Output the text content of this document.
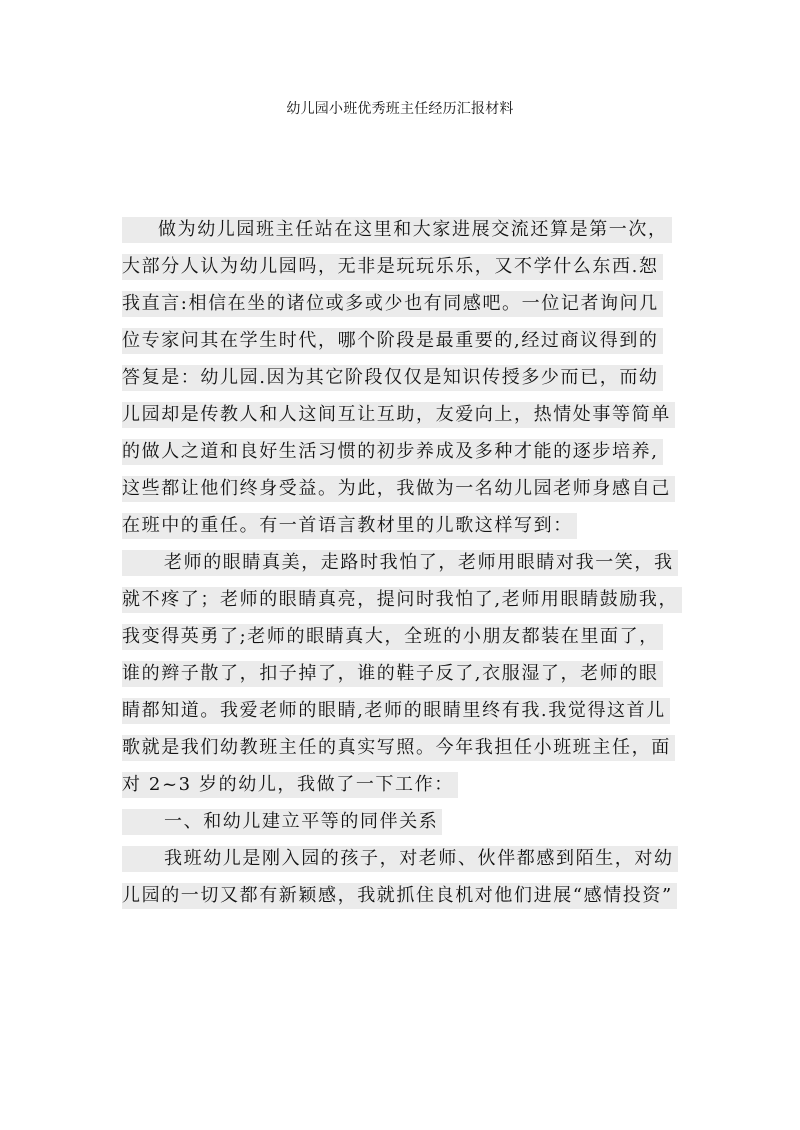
幼儿园小班优秀班主任经历汇报材料
做为幼儿园班主任站在这里和大家进展交流还算是第一次，
大部分人认为幼儿园吗，无非是玩玩乐乐，又不学什么东西.恕
我直言:相信在坐的诸位或多或少也有同感吧。一位记者询问几
位专家问其在学生时代，哪个阶段是最重要的,经过商议得到的
答复是：幼儿园.因为其它阶段仅仅是知识传授多少而已，而幼
儿园却是传教人和人这间互让互助，友爱向上，热情处事等简单
的做人之道和良好生活习惯的初步养成及多种才能的逐步培养,
这些都让他们终身受益。为此，我做为一名幼儿园老师身感自己
在班中的重任。有一首语言教材里的儿歌这样写到：
老师的眼睛真美，走路时我怕了，老师用眼睛对我一笑，我
就不疼了；老师的眼睛真亮，提问时我怕了,老师用眼睛鼓励我，
我变得英勇了;老师的眼睛真大，全班的小朋友都装在里面了，
谁的辫子散了，扣子掉了，谁的鞋子反了,衣服湿了，老师的眼
睛都知道。我爱老师的眼睛,老师的眼睛里终有我.我觉得这首儿
歌就是我们幼教班主任的真实写照。今年我担任小班班主任，面
对 2~3 岁的幼儿，我做了一下工作：
一、和幼儿建立平等的同伴关系
我班幼儿是刚入园的孩子，对老师、伙伴都感到陌生，对幼
儿园的一切又都有新颖感，我就抓住良机对他们进展“感情投资”
